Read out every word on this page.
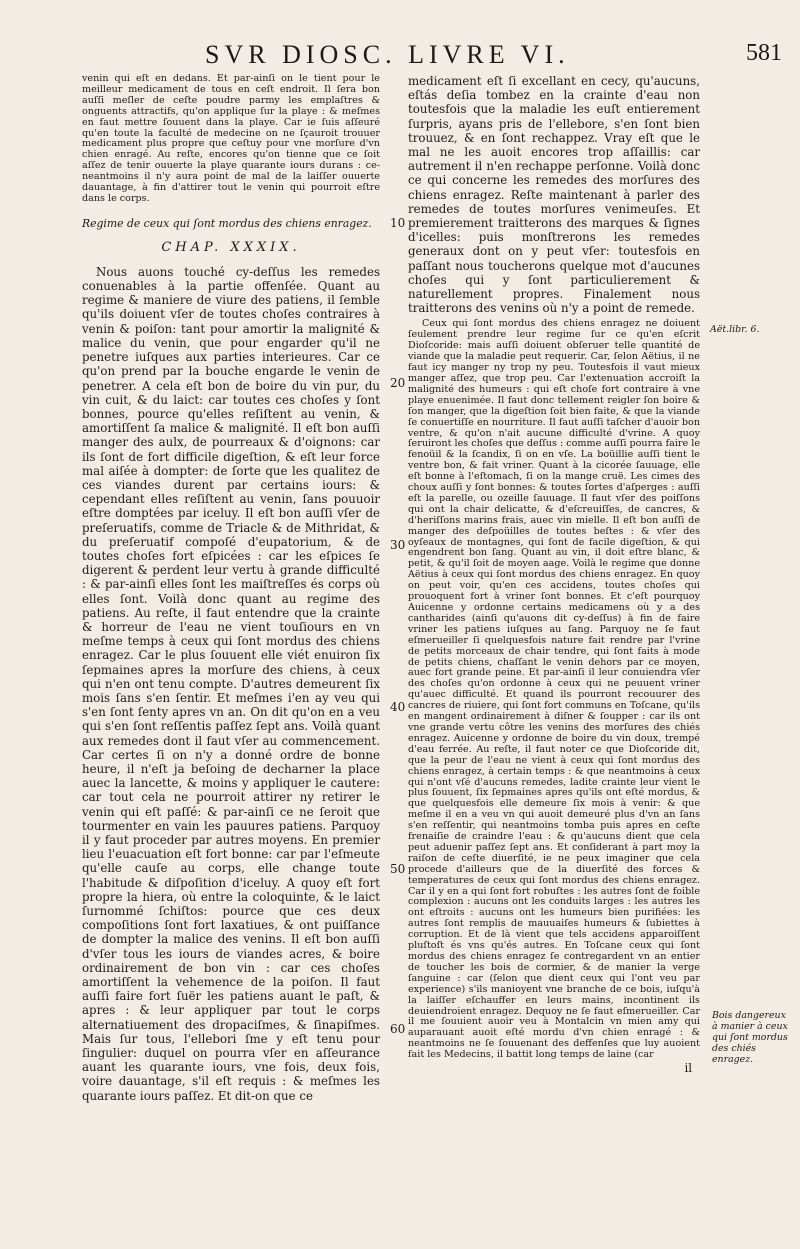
SVR DIOSC. LIVRE VI.	581

venin qui eſt en dedans. Et par-ainſi on le tient pour le meilleur medicament de tous en ceſt endroit. Il ſera bon auſſi meſler de ceſte poudre parmy les emplaſtres & onguents attractifs, qu'on applique ſur la playe : & meſmes en faut mettre ſouuent dans la playe. Car ie ſuis aſſeuré qu'en toute la faculté de medecine on ne ſçauroit trouuer medicament plus propre que ceſtuy pour vne morſure d'vn chien enragé. Au reſte, encores qu'on tienne que ce ſoit aſſez de tenir ouuerte la playe quarante iours durans : ce-neantmoins il n'y aura point de mal de la laiſſer ouuerte dauantage, à fin d'attirer tout le venin qui pourroit eſtre dans le corps.

Regime de ceux qui ſont mordus des chiens enragez.
CHAP. XXXIX.

Nous auons touché cy-deſſus les remedes conuenables à la partie offenſée. Quant au regime & maniere de viure des patiens, il ſemble qu'ils doiuent vſer de toutes choſes contraires à venin & poiſon: tant pour amortir la malignité & malice du venin, que pour engarder qu'il ne penetre iuſques aux parties interieures. Car ce qu'on prend par la bouche engarde le venin de penetrer. A cela eſt bon de boire du vin pur, du vin cuit, & du laict: car toutes ces choſes y ſont bonnes, pource qu'elles reſiſtent au venin, & amortiſſent ſa malice & malignité. Il eſt bon auſſi manger des aulx, de pourreaux & d'oignons: car ils ſont de fort difficile digeſtion, & eſt leur force mal aiſée à dompter: de ſorte que les qualitez de ces viandes durent par certains iours: & cependant elles reſiſtent au venin, ſans pouuoir eſtre domptées par iceluy. Il eſt bon auſſi vſer de preſeruatifs, comme de Triacle & de Mithridat, & du preſeruatif compoſé d'eupatorium, & de toutes choſes fort eſpicées : car les eſpices ſe digerent & perdent leur vertu à grande difficulté : & par-ainſi elles ſont les maiſtreſſes és corps où elles ſont. Voilà donc quant au regime des patiens. Au reſte, il faut entendre que la crainte & horreur de l'eau ne vient touſiours en vn meſme temps à ceux qui ſont mordus des chiens enragez. Car le plus ſouuent elle viét enuiron ſix ſepmaines apres la morſure des chiens, à ceux qui n'en ont tenu compte. D'autres demeurent ſix mois ſans s'en ſentir. Et meſmes i'en ay veu qui s'en ſont ſenty apres vn an. On dit qu'on en a veu qui s'en ſont reſſentis paſſez ſept ans. Voilà quant aux remedes dont il faut vſer au commencement. Car certes ſi on n'y a donné ordre de bonne heure, il n'eſt ja beſoing de decharner la place auec la lancette, & moins y appliquer le cautere: car tout cela ne pourroit attirer ny retirer le venin qui eſt paſſé: & par-ainſi ce ne ſeroit que tourmenter en vain les pauures patiens. Parquoy il y faut proceder par autres moyens. En premier lieu l'euacuation eſt fort bonne: car par l'eſmeute qu'elle cauſe au corps, elle change toute l'habitude & diſpoſition d'iceluy. A quoy eſt fort propre la hiera, où entre la coloquinte, & le laict ſurnommé ſchiſtos: pource que ces deux compoſitions ſont fort laxatiues, & ont puiſſance de dompter la malice des venins. Il eſt bon auſſi d'vſer tous les iours de viandes acres, & boire ordinairement de bon vin : car ces choſes amortiſſent la vehemence de la poiſon. Il faut auſſi faire fort ſuër les patiens auant le paſt, & apres : & leur appliquer par tout le corps alternatiuement des dropaciſmes, & ſinapiſmes. Mais ſur tous, l'ellebori ſme y eſt tenu pour ſingulier: duquel on pourra vſer en aſſeurance auant les quarante iours, vne fois, deux fois, voire dauantage, s'il eſt requis : & meſmes les quarante iours paſſez. Et dit-on que ce

10
20
30
40
50
60

medicament eſt ſi excellant en cecy, qu'aucuns, eſtás deſia tombez en la crainte d'eau non toutesfois que la maladie les euſt entierement ſurpris, ayans pris de l'ellebore, s'en ſont bien trouuez, & en ſont rechappez. Vray eſt que le mal ne les auoit encores trop aſſaillis: car autrement il n'en rechappe perſonne. Voilà donc ce qui concerne les remedes des morſures des chiens enragez. Reſte maintenant à parler des remedes de toutes morſures venimeuſes. Et premierement traitterons des marques & ſignes d'icelles: puis monſtrerons les remedes generaux dont on y peut vſer: toutesfois en paſſant nous toucherons quelque mot d'aucunes choſes qui y ſont particulierement & naturellement propres. Finalement nous traitterons des venins où n'y a point de remede.

Ceux qui ſont mordus des chiens enragez ne doiuent ſeulement prendre leur regime ſur ce qu'en eſcrit Dioſcoride: mais auſſi doiuent obſeruer telle quantité de viande que la maladie peut requerir. Car, ſelon Aëtius, il ne faut icy manger ny trop ny peu. Toutesfois il vaut mieux manger aſſez, que trop peu. Car l'extenuation accroiſt la malignité des humeurs : qui eſt choſe fort contraire à vne playe enuenimée. Il faut donc tellement reigler ſon boire & ſon manger, que la digeſtion ſoit bien faite, & que la viande ſe conuertiſſe en nourriture. Il faut auſſi taſcher d'auoir bon ventre, & qu'on n'ait aucune difficulté d'vrine. A quoy ſeruiront les choſes que deſſus : comme auſſi pourra faire le fenoüil & la ſcandix, ſi on en vſe. La boüillie auſſi tient le ventre bon, & fait vriner. Quant à la cicorée ſauuage, elle eſt bonne à l'eſtomach, ſi on la mange cruë. Les cimes des choux auſſi y ſont bonnes: & toutes ſortes d'aſperges : auſſi eſt la parelle, ou ozeille ſauuage. Il faut vſer des poiſſons qui ont la chair delicatte, & d'eſcreuiſſes, de cancres, & d'heriſſons marins frais, auec vin mielle. Il eſt bon auſſi de manger des deſpoüilles de toutes beſtes : & vſer des oyſeaux de montagnes, qui ſont de facile digeſtion, & qui engendrent bon ſang. Quant au vin, il doit eſtre blanc, & petit, & qu'il ſoit de moyen aage. Voilà le regime que donne Aëtius à ceux qui ſont mordus des chiens enragez. En quoy on peut voir, qu'en ces accidens, toutes choſes qui prouoquent fort à vriner ſont bonnes. Et c'eſt pourquoy Auicenne y ordonne certains medicamens où y a des cantharides (ainſi qu'auons dit cy-deſſus) à fin de faire vriner les patiens iuſques au ſang. Parquoy ne ſe faut eſmerueiller ſi quelquesfois nature fait rendre par l'vrine de petits morceaux de chair tendre, qui ſont faits à mode de petits chiens, chaſſant le venin dehors par ce moyen, auec fort grande peine. Et par-ainſi il leur conuiendra vſer des choſes qu'on ordonne à ceux qui ne peuuent vriner qu'auec difficulté. Et quand ils pourront recouurer des cancres de riuiere, qui ſont fort communs en Toſcane, qu'ils en mangent ordinairement à diſner & ſoupper : car ils ont vne grande vertu côtre les venins des morſures des chiés enragez. Auicenne y ordonne de boire du vin doux, trempé d'eau ferrée. Au reſte, il faut noter ce que Dioſcoride dit, que la peur de l'eau ne vient à ceux qui ſont mordus des chiens enragez, à certain temps : & que neantmoins à ceux qui n'ont vſé d'aucuns remedes, ladite crainte leur vient le plus ſouuent, ſix ſepmaines apres qu'ils ont eſté mordus, & que quelquesfois elle demeure ſix mois à venir: & que meſme il en a veu vn qui auoit demeuré plus d'vn an ſans s'en reſſentir, qui neantmoins tomba puis apres en ceſte frenaiſie de craindre l'eau : & qu'aucuns dient que cela peut aduenir paſſez ſept ans. Et conſiderant à part moy la raiſon de ceſte diuerſité, ie ne peux imaginer que cela procede d'ailleurs que de la diuerſité des forces & temperatures de ceux qui ſont mordus des chiens enragez. Car il y en a qui ſont fort robuſtes : les autres ſont de foible complexion : aucuns ont les conduits larges : les autres les ont eſtroits : aucuns ont les humeurs bien purifiées: les autres ſont remplis de mauuaiſes humeurs & ſubiettes à corruption. Et de là vient que tels accidens apparoiſſent pluſtoſt és vns qu'és autres. En Toſcane ceux qui ſont mordus des chiens enragez ſe contregardent vn an entier de toucher les bois de cormier, & de manier la verge ſanguine : car (ſelon que dient ceux qui l'ont veu par experience) s'ils manioyent vne branche de ce bois, iuſqu'à la laiſſer eſchauffer en leurs mains, incontinent ils deuiendroient enragez. Dequoy ne ſe faut eſmerueiller. Car il me ſouuient auoir veu à Montalcin vn mien amy qui auparauant auoit eſté mordu d'vn chien enragé : & neantmoins ne ſe ſouuenant des deffenſes que luy auoient fait les Medecins, il battit long temps de laine (car

il

Aët.libr. 6.
Bois dangereux à manier à ceux qui ſont mordus des chiés enragez.
